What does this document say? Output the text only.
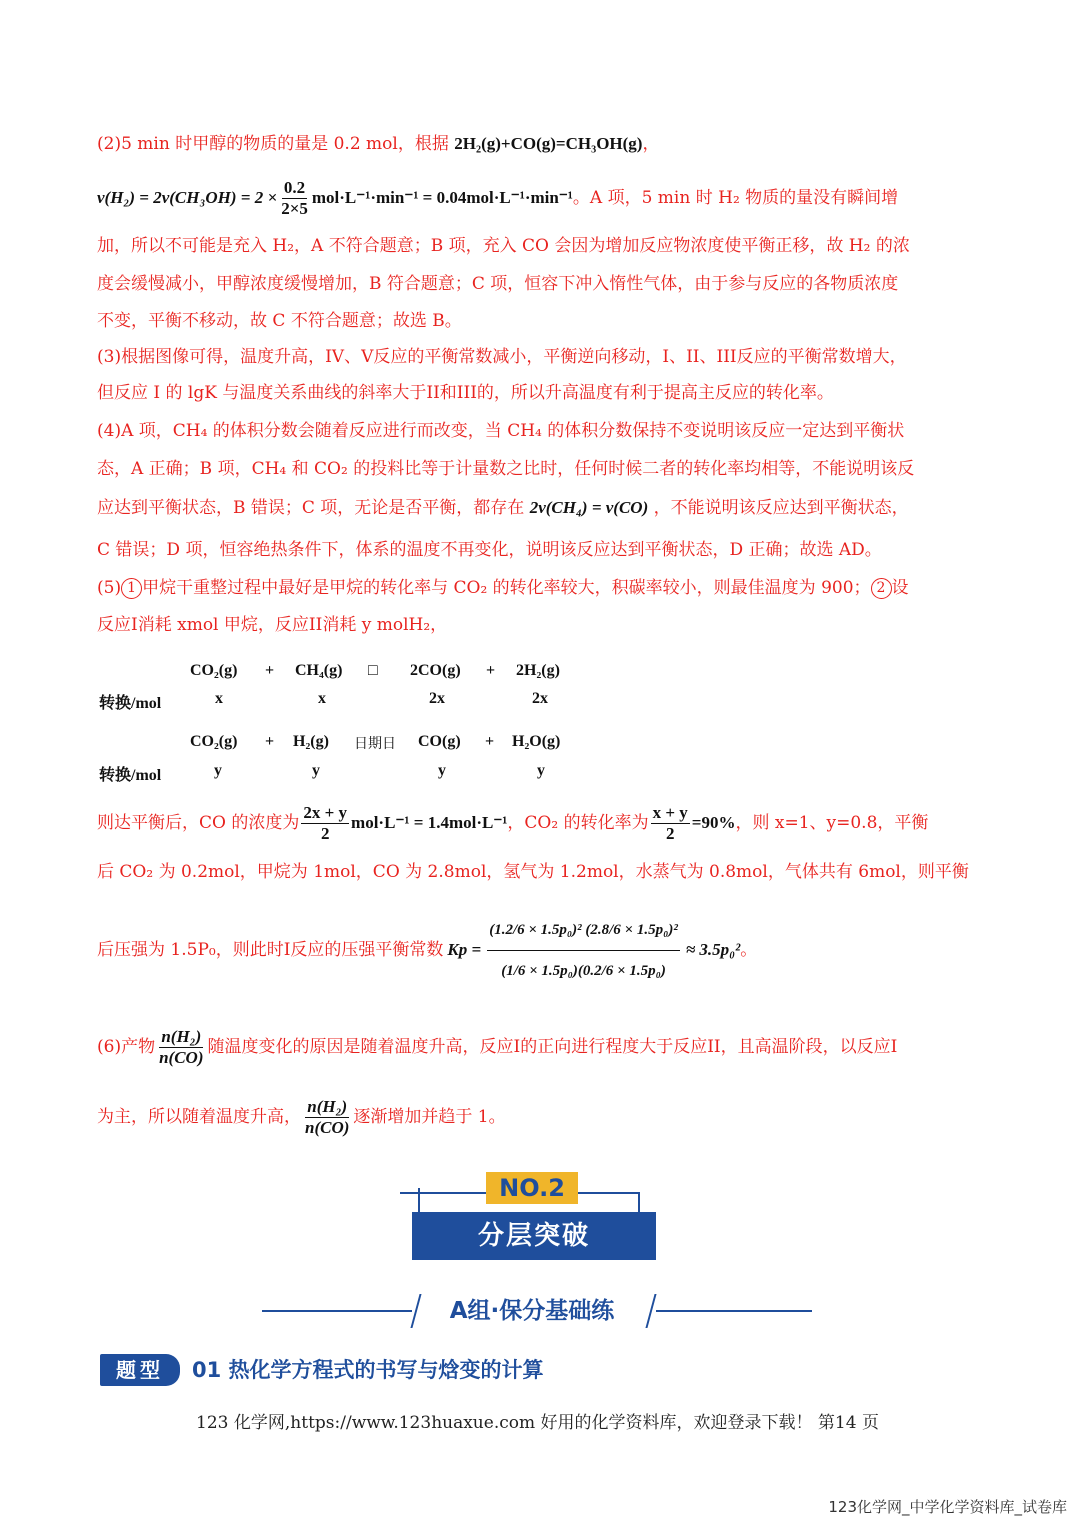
(2)5 min 时甲醇的物质的量是 0.2 mol，根据 2H₂(g)+CO(g)=CH₃OH(g)，
$v(H_2) = 2v(CH_3OH) = 2 \times \frac{0.2}{2\times 5} mol\cdot L^{-1}\cdot\min^{-1} = 0.04mol\cdot L^{-1}\cdot\min^{-1}$ 。A 项，5 min 时 H₂ 物质的量没有瞬间增
加，所以不可能是充入 H₂，A 不符合题意；B 项，充入 CO 会因为增加反应物浓度使平衡正移，故 H₂ 的浓
度会缓慢减小，甲醇浓度缓慢增加，B 符合题意；C 项，恒容下冲入惰性气体，由于参与反应的各物质浓度
不变，平衡不移动，故 C 不符合题意；故选 B。
(3)根据图像可得，温度升高，IV、V反应的平衡常数减小，平衡逆向移动，I、II、III反应的平衡常数增大，
但反应 I 的 lgK 与温度关系曲线的斜率大于II和III的，所以升高温度有利于提高主反应的转化率。
(4)A 项，CH₄ 的体积分数会随着反应进行而改变，当 CH₄ 的体积分数保持不变说明该反应一定达到平衡状
态，A 正确；B 项，CH₄ 和 CO₂ 的投料比等于计量数之比时，任何时候二者的转化率均相等，不能说明该反
应达到平衡状态，B 错误；C 项，无论是否平衡，都存在 2v(CH₄) = v(CO) ，不能说明该反应达到平衡状态，
C 错误；D 项，恒容绝热条件下，体系的温度不再变化，说明该反应达到平衡状态，D 正确；故选 AD。
(5) 1 甲烷干重整过程中最好是甲烷的转化率与 CO₂ 的转化率较大，积碳率较小，则最佳温度为 900； 2 设
反应I消耗 xmol 甲烷，反应II消耗 y molH₂，
CO₂(g) + CH₄(g) □ 2CO(g) + 2H₂(g)
转换/mol	x	x	2x	2x
CO₂(g) + H₂(g) 日期日 CO(g) + H₂O(g)
转换/mol	y	y	y	y
则达平衡后，CO 的浓度为 $\frac{2x + y}{2} mol\cdot L^{-1} = 1.4mol\cdot L^{-1}$ ，CO₂ 的转化率为 $\frac{x + y}{2} =90\%$ ，则 x=1、y=0.8，平衡
后 CO₂ 为 0.2mol，甲烷为 1mol，CO 为 2.8mol，氢气为 1.2mol，水蒸气为 0.8mol，气体共有 6mol，则平衡
后压强为 1.5P₀，则此时I反应的压强平衡常数 $Kp = \frac{\text{(1.2/6 × 1.5p₀)² (2.8/6 × 1.5p₀)²}}{\text{(1/6 × 1.5p₀)(0.2/6 × 1.5p₀)}} \approx 3.5p_0^2$ 。
(6)产物 $\frac{\text{n(H₂)}}{n(CO)}$ 随温度变化的原因是随着温度升高，反应I的正向进行程度大于反应II，且高温阶段，以反应I
为主，所以随着温度升高， $\frac{\text{n(H₂)}}{n(CO)}$ 逐渐增加并趋于 1。
NO.2
分层突破
A组·保分基础练
题型	01 热化学方程式的书写与焓变的计算
123 化学网,https://www.123huaxue.com 好用的化学资料库，欢迎登录下载！ 第14 页
123化学网_中学化学资料库_试卷库
